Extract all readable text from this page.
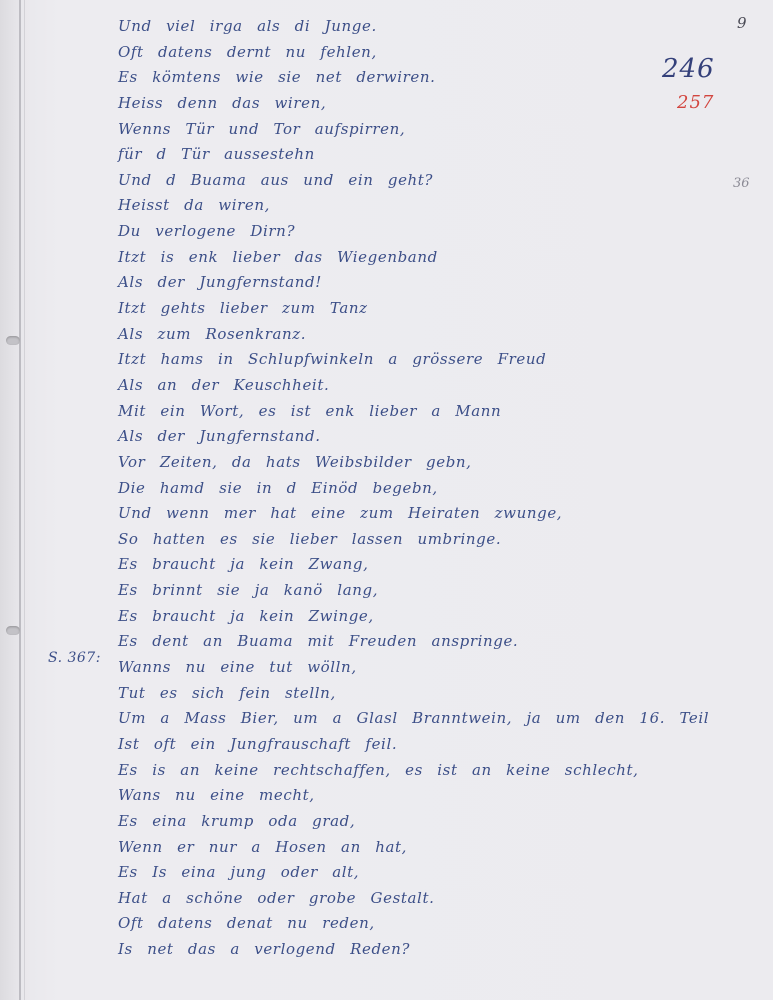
9
246
257
36
S. 367:
Und viel irga als di Junge.
Oft datens dernt nu fehlen,
Es kömtens wie sie net derwiren.
Heiss denn das wiren,
Wenns Tür und Tor aufspirren,
für d Tür aussestehn
Und d Buama aus und ein geht?
Heisst da wiren,
Du verlogene Dirn?
Itzt is enk lieber das Wiegenband
Als der Jungfernstand!
Itzt gehts lieber zum Tanz
Als zum Rosenkranz.
Itzt hams in Schlupfwinkeln a grössere Freud
Als an der Keuschheit.
Mit ein Wort, es ist enk lieber a Mann
Als der Jungfernstand.
Vor Zeiten, da hats Weibsbilder gebn,
Die hamd sie in d Einöd begebn,
Und wenn mer hat eine zum Heiraten zwunge,
So hatten es sie lieber lassen umbringe.
Es braucht ja kein Zwang,
Es brinnt sie ja kanö lang,
Es braucht ja kein Zwinge,
Es dent an Buama mit Freuden anspringe.
Wanns nu eine tut wölln,
Tut es sich fein stelln,
Um a Mass Bier, um a Glasl Branntwein, ja um den 16. Teil
Ist oft ein Jungfrauschaft feil.
Es is an keine rechtschaffen, es ist an keine schlecht,
Wans nu eine mecht,
Es eina krump oda grad,
Wenn er nur a Hosen an hat,
Es Is eina jung oder alt,
Hat a schöne oder grobe Gestalt.
Oft datens denat nu reden,
Is net das a verlogend Reden?
